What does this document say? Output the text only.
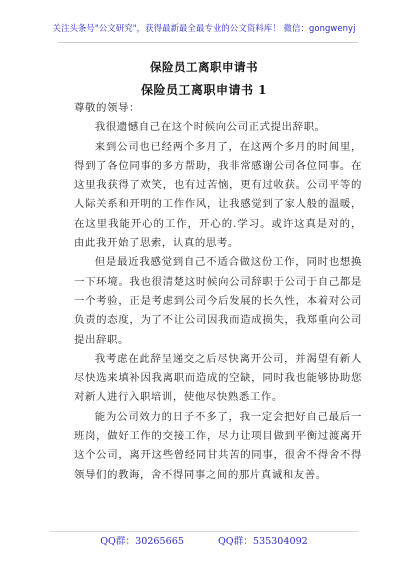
关注头条号"公文研究"，获得最新最全最专业的公文资料库！ 微信：gongwenyj
保险员工离职申请书
保险员工离职申请书 1

尊敬的领导：

我很遗憾自己在这个时候向公司正式提出辞职。

来到公司也已经两个多月了，在这两个多月的时间里，得到了各位同事的多方帮助，我非常感谢公司各位同事。在这里我获得了欢笑，也有过苦恼，更有过收获。公司平等的人际关系和开明的工作作风，让我感觉到了家人般的温暖，在这里我能开心的工作，开心的.学习。或许这真是对的，由此我开始了思索，认真的思考。

但是最近我感觉到自己不适合做这份工作，同时也想换一下环境。我也很清楚这时候向公司辞职于公司于自己都是一个考验，正是考虑到公司今后发展的长久性，本着对公司负责的态度，为了不让公司因我而造成损失，我郑重向公司提出辞职。

我考虑在此辞呈递交之后尽快离开公司，并渴望有新人尽快选来填补因我离职而造成的空缺，同时我也能够协助您对新人进行入职培训，使他尽快熟悉工作。

能为公司效力的日子不多了，我一定会把好自己最后一班岗，做好工作的交接工作，尽力让项目做到平衡过渡离开这个公司，离开这些曾经同甘共苦的同事，很舍不得舍不得领导们的教诲，舍不得同事之间的那片真诚和友善。

QQ群：30265665	QQ群：535304092
